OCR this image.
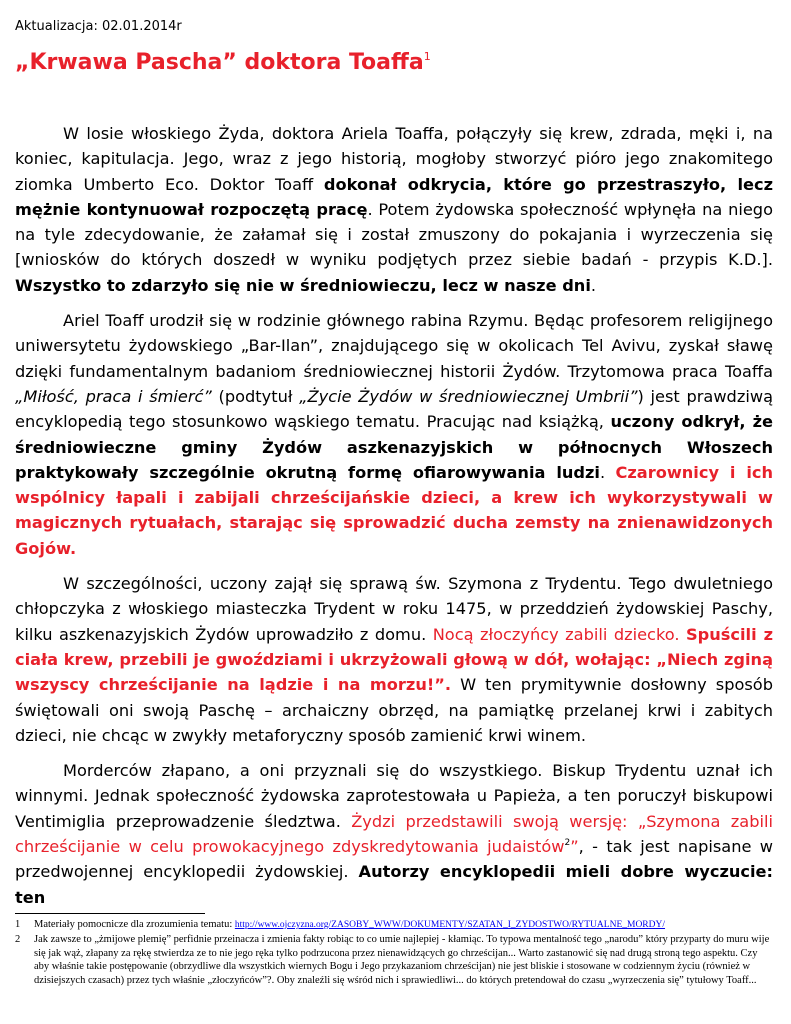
Aktualizacja: 02.01.2014r
„Krwawa Pascha” doktora Toaffa$^1$

W losie włoskiego Żyda, doktora Ariela Toaffa, połączyły się krew, zdrada, męki i, na koniec, kapitulacja. Jego, wraz z jego historią, mogłoby stworzyć pióro jego znakomitego ziomka Umberto Eco. Doktor Toaff dokonał odkrycia, które go przestraszyło, lecz mężnie kontynuował rozpoczętą pracę. Potem żydowska społeczność wpłynęła na niego na tyle zdecydowanie, że załamał się i został zmuszony do pokajania i wyrzeczenia się [wniosków do których doszedł w wyniku podjętych przez siebie badań - przypis K.D.]. Wszystko to zdarzyło się nie w średniowieczu, lecz w nasze dni.

Ariel Toaff urodził się w rodzinie głównego rabina Rzymu. Będąc profesorem religijnego uniwersytetu żydowskiego „Bar-Ilan”, znajdującego się w okolicach Tel Avivu, zyskał sławę dzięki fundamentalnym badaniom średniowiecznej historii Żydów. Trzytomowa praca Toaffa „Miłość, praca i śmierć” (podtytuł „Życie Żydów w średniowiecznej Umbrii”) jest prawdziwą encyklopedią tego stosunkowo wąskiego tematu. Pracując nad książką, uczony odkrył, że średniowieczne gminy Żydów aszkenazyjskich w północnych Włoszech praktykowały szczególnie okrutną formę ofiarowywania ludzi. Czarownicy i ich wspólnicy łapali i zabijali chrześcijańskie dzieci, a krew ich wykorzystywali w magicznych rytuałach, starając się sprowadzić ducha zemsty na znienawidzonych Gojów.

W szczególności, uczony zajął się sprawą św. Szymona z Trydentu. Tego dwuletniego chłopczyka z włoskiego miasteczka Trydent w roku 1475, w przeddzień żydowskiej Paschy, kilku aszkenazyjskich Żydów uprowadziło z domu. Nocą złoczyńcy zabili dziecko. Spuścili z ciała krew, przebili je gwoździami i ukrzyżowali głową w dół, wołając: „Niech zginą wszyscy chrześcijanie na lądzie i na morzu!”. W ten prymitywnie dosłowny sposób świętowali oni swoją Paschę – archaiczny obrzęd, na pamiątkę przelanej krwi i zabitych dzieci, nie chcąc w zwykły metaforyczny sposób zamienić krwi winem.

Morderców złapano, a oni przyznali się do wszystkiego. Biskup Trydentu uznał ich winnymi. Jednak społeczność żydowska zaprotestowała u Papieża, a ten poruczył biskupowi Ventimiglia przeprowadzenie śledztwa. Żydzi przedstawili swoją wersję: „Szymona zabili chrześcijanie w celu prowokacyjnego zdyskredytowania judaistów$^2$”, - tak jest napisane w przedwojennej encyklopedii żydowskiej. Autorzy encyklopedii mieli dobre wyczucie: ten

1 Materiały pomocnicze dla zrozumienia tematu: http://www.ojczyzna.org/ZASOBY_WWW/DOKUMENTY/SZATAN_I_ZYDOSTWO/RYTUALNE_MORDY/
2 Jak zawsze to „żmijowe plemię” perfidnie przeinacza i zmienia fakty robiąc to co umie najlepiej - kłamiąc. To typowa mentalność tego „narodu” który przyparty do muru wije się jak wąż, złapany za rękę stwierdza ze to nie jego ręka tylko podrzucona przez nienawidzących go chrześcijan... Warto zastanowić się nad drugą stroną tego aspektu. Czy aby właśnie takie postępowanie (obrzydliwe dla wszystkich wiernych Bogu i Jego przykazaniom chrześcijan) nie jest bliskie i stosowane w codziennym życiu (również w dzisiejszych czasach) przez tych właśnie „złoczyńców”?. Oby znaleźli się wśród nich i sprawiedliwi... do których pretendował do czasu „wyrzeczenia się” tytułowy Toaff...
